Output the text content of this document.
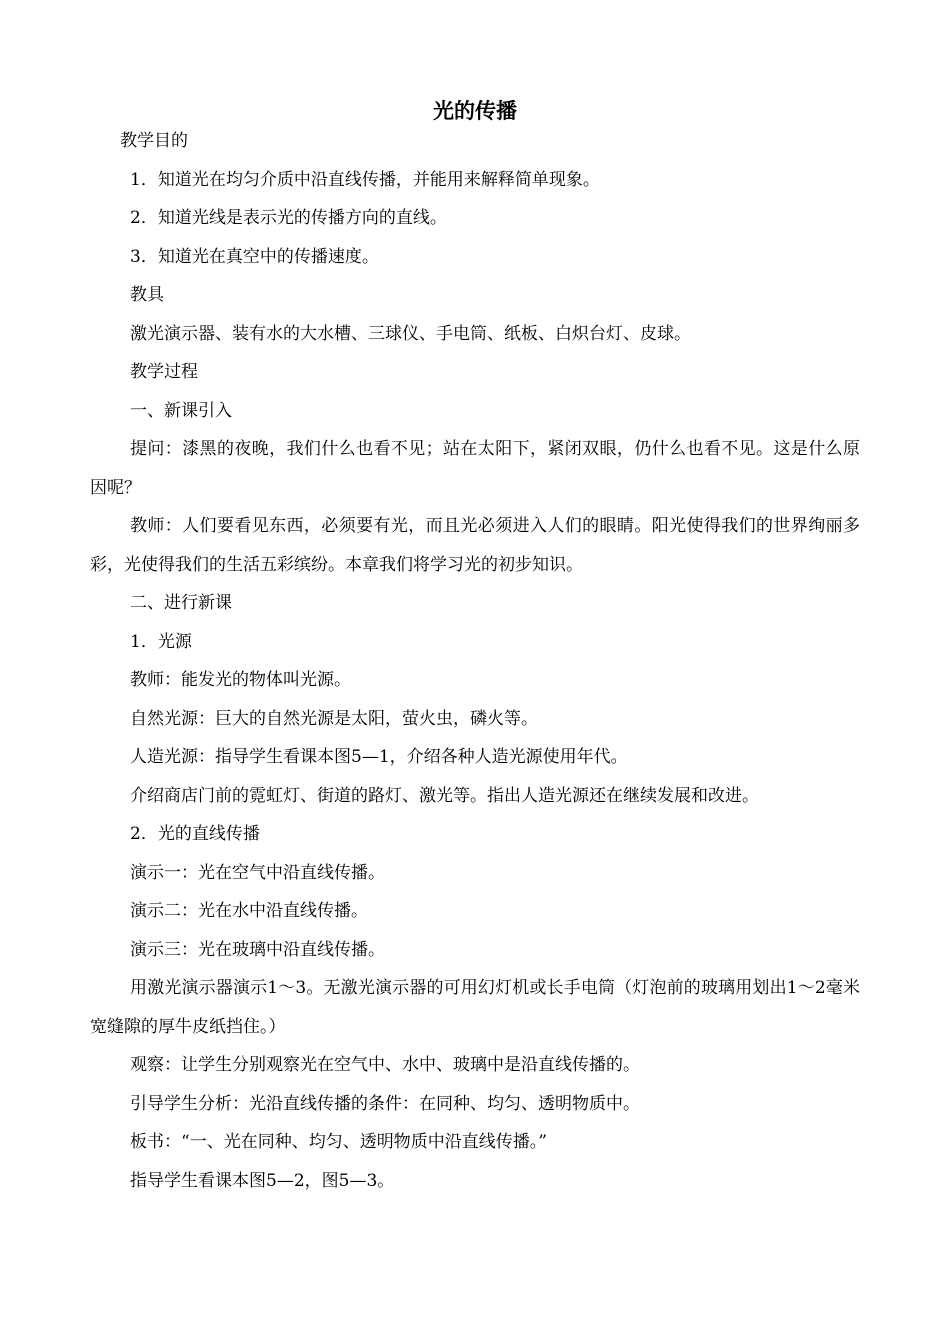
光的传播

教学目的

1．知道光在均匀介质中沿直线传播，并能用来解释简单现象。

2．知道光线是表示光的传播方向的直线。

3．知道光在真空中的传播速度。

教具

激光演示器、装有水的大水槽、三球仪、手电筒、纸板、白炽台灯、皮球。

教学过程

一、新课引入

提问：漆黑的夜晚，我们什么也看不见；站在太阳下，紧闭双眼，仍什么也看不见。这是什么原因呢？

教师：人们要看见东西，必须要有光，而且光必须进入人们的眼睛。阳光使得我们的世界绚丽多彩，光使得我们的生活五彩缤纷。本章我们将学习光的初步知识。

二、进行新课

1．光源

教师：能发光的物体叫光源。

自然光源：巨大的自然光源是太阳，萤火虫，磷火等。

人造光源：指导学生看课本图5—1，介绍各种人造光源使用年代。

介绍商店门前的霓虹灯、街道的路灯、激光等。指出人造光源还在继续发展和改进。

2．光的直线传播

演示一：光在空气中沿直线传播。

演示二：光在水中沿直线传播。

演示三：光在玻璃中沿直线传播。

用激光演示器演示1～3。无激光演示器的可用幻灯机或长手电筒（灯泡前的玻璃用划出1～2毫米宽缝隙的厚牛皮纸挡住。）

观察：让学生分别观察光在空气中、水中、玻璃中是沿直线传播的。

引导学生分析：光沿直线传播的条件：在同种、均匀、透明物质中。

板书：“一、光在同种、均匀、透明物质中沿直线传播。”

指导学生看课本图5—2，图5—3。
